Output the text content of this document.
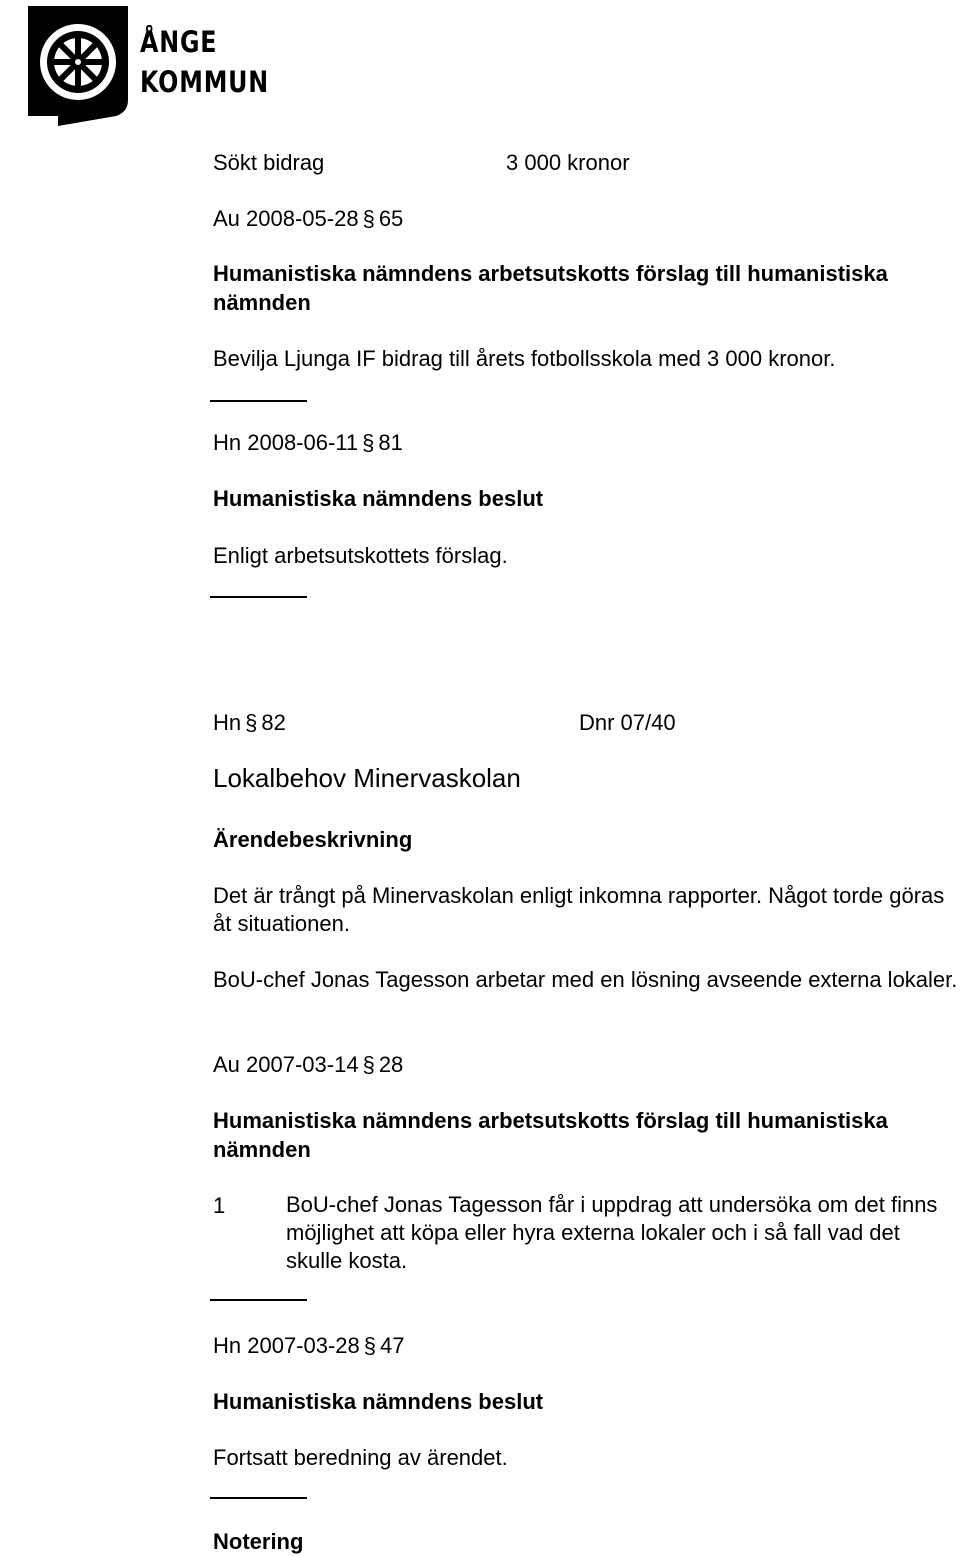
ÅNGE
KOMMUN
Sökt bidrag	3 000 kronor
Au 2008-05-28 § 65
Humanistiska nämndens arbetsutskotts förslag till humanistiska nämnden
Bevilja Ljunga IF bidrag till årets fotbollsskola med 3 000 kronor.
Hn 2008-06-11 § 81
Humanistiska nämndens beslut
Enligt arbetsutskottets förslag.
Hn § 82	Dnr 07/40
Lokalbehov Minervaskolan
Ärendebeskrivning
Det är trångt på Minervaskolan enligt inkomna rapporter. Något torde göras åt situationen.
BoU-chef Jonas Tagesson arbetar med en lösning avseende externa lokaler.
Au 2007-03-14 § 28
Humanistiska nämndens arbetsutskotts förslag till humanistiska nämnden
1	BoU-chef Jonas Tagesson får i uppdrag att undersöka om det finns möjlighet att köpa eller hyra externa lokaler och i så fall vad det skulle kosta.
Hn 2007-03-28 § 47
Humanistiska nämndens beslut
Fortsatt beredning av ärendet.
Notering
